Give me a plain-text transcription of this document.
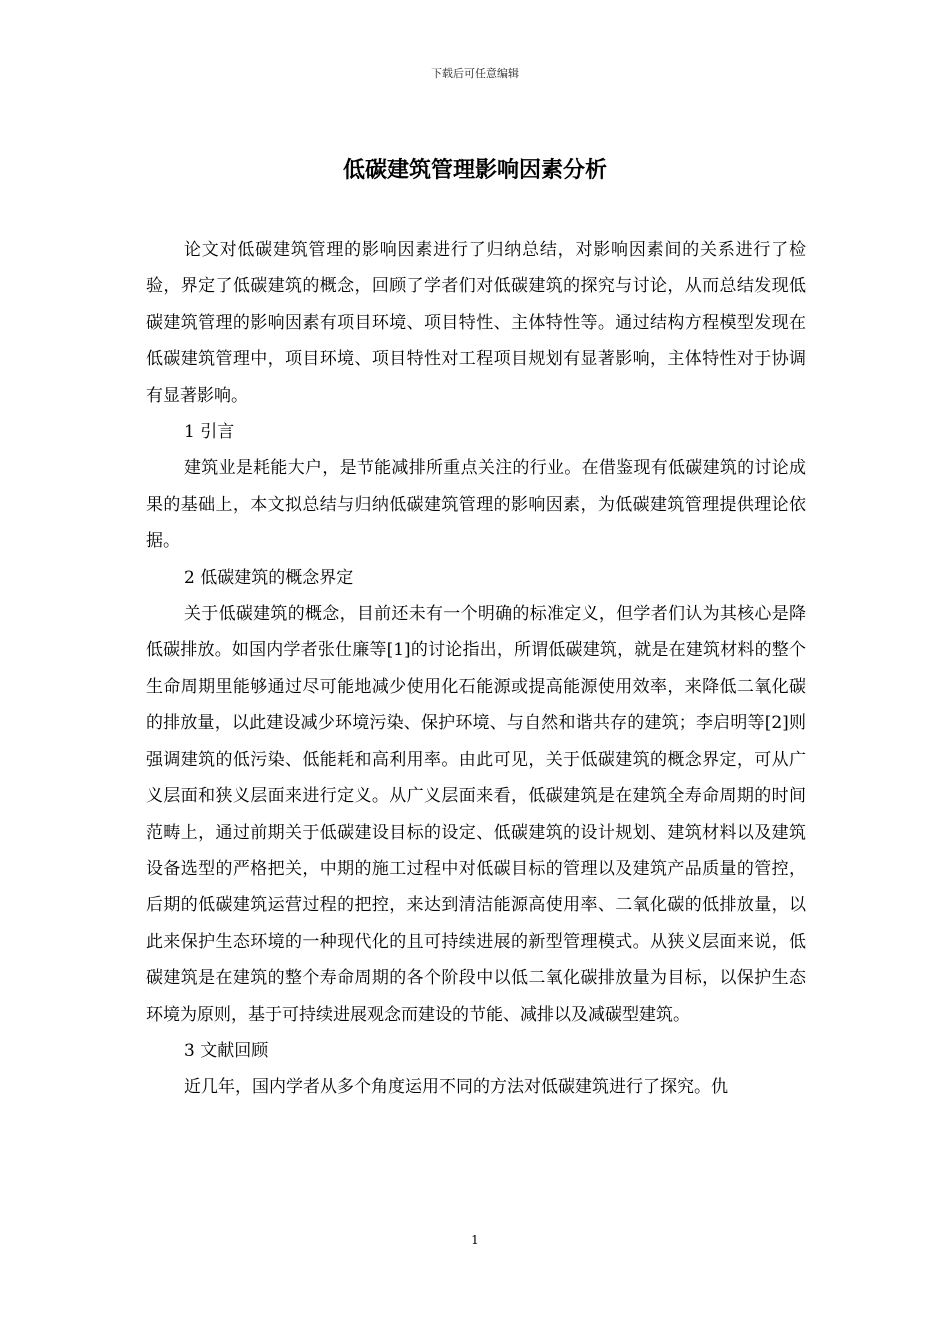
下载后可任意编辑
低碳建筑管理影响因素分析

论文对低碳建筑管理的影响因素进行了归纳总结，对影响因素间的关系进行了检验，界定了低碳建筑的概念，回顾了学者们对低碳建筑的探究与讨论，从而总结发现低碳建筑管理的影响因素有项目环境、项目特性、主体特性等。通过结构方程模型发现在低碳建筑管理中，项目环境、项目特性对工程项目规划有显著影响，主体特性对于协调有显著影响。

1 引言

建筑业是耗能大户，是节能减排所重点关注的行业。在借鉴现有低碳建筑的讨论成果的基础上，本文拟总结与归纳低碳建筑管理的影响因素，为低碳建筑管理提供理论依据。

2 低碳建筑的概念界定

关于低碳建筑的概念，目前还未有一个明确的标准定义，但学者们认为其核心是降低碳排放。如国内学者张仕廉等[1]的讨论指出，所谓低碳建筑，就是在建筑材料的整个生命周期里能够通过尽可能地减少使用化石能源或提高能源使用效率，来降低二氧化碳的排放量，以此建设减少环境污染、保护环境、与自然和谐共存的建筑；李启明等[2]则强调建筑的低污染、低能耗和高利用率。由此可见，关于低碳建筑的概念界定，可从广义层面和狭义层面来进行定义。从广义层面来看，低碳建筑是在建筑全寿命周期的时间范畴上，通过前期关于低碳建设目标的设定、低碳建筑的设计规划、建筑材料以及建筑设备选型的严格把关，中期的施工过程中对低碳目标的管理以及建筑产品质量的管控，后期的低碳建筑运营过程的把控，来达到清洁能源高使用率、二氧化碳的低排放量，以此来保护生态环境的一种现代化的且可持续进展的新型管理模式。从狭义层面来说，低碳建筑是在建筑的整个寿命周期的各个阶段中以低二氧化碳排放量为目标，以保护生态环境为原则，基于可持续进展观念而建设的节能、减排以及减碳型建筑。

3 文献回顾

近几年，国内学者从多个角度运用不同的方法对低碳建筑进行了探究。仇

1
